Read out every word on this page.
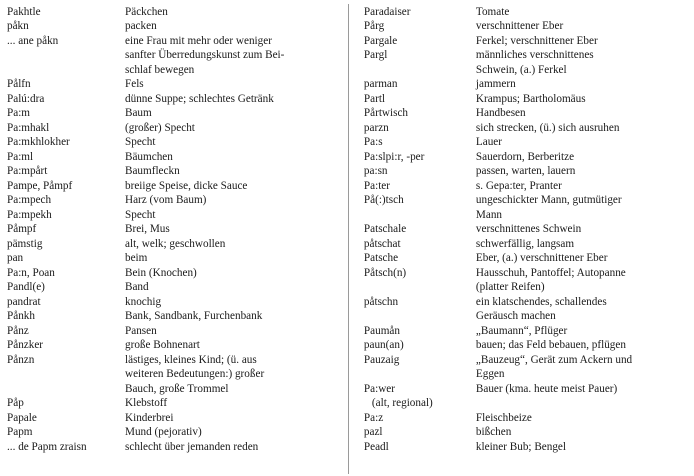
Pakhtle	Päckchen
påkn	packen
... ane påkn	eine Frau mit mehr oder weniger
sanfter Überredungskunst zum Bei-
schlaf bewegen
Pålfn	Fels
Palú:dra	dünne Suppe; schlechtes Getränk
Pa:m	Baum
Pa:mhakl	(großer) Specht
Pa:mkhlokher	Specht
Pa:ml	Bäumchen
Pa:mpårt	Baumfleckn
Pampe, Påmpf	breiige Speise, dicke Sauce
Pa:mpech	Harz (vom Baum)
Pa:mpekh	Specht
Påmpf	Brei, Mus
pämstig	alt, welk; geschwollen
pan	beim
Pa:n, Poan	Bein (Knochen)
Pandl(e)	Band
pandrat	knochig
Pånkh	Bank, Sandbank, Furchenbank
Pånz	Pansen
Pånzker	große Bohnenart
Pånzn	lästiges, kleines Kind; (ü. aus
weiteren Bedeutungen:) großer
Bauch, große Trommel
Påp	Klebstoff
Papale	Kinderbrei
Papm	Mund (pejorativ)
... de Papm zraisn	schlecht über jemanden reden
Paradaiser	Tomate
Pårg	verschnittener Eber
Pargale	Ferkel; verschnittener Eber
Pargl	männliches verschnittenes
Schwein, (a.) Ferkel
parman	jammern
Partl	Krampus; Bartholomäus
Pårtwisch	Handbesen
parzn	sich strecken, (ü.) sich ausruhen
Pa:s	Lauer
Pa:slpi:r, -per	Sauerdorn, Berberitze
pa:sn	passen, warten, lauern
Pa:ter	s. Gepa:ter, Pranter
På(:)tsch	ungeschickter Mann, gutmütiger
Mann
Patschale	verschnittenes Schwein
påtschat	schwerfällig, langsam
Patsche	Eber, (a.) verschnittener Eber
Påtsch(n)	Hausschuh, Pantoffel; Autopanne
(platter Reifen)
påtschn	ein klatschendes, schallendes
Geräusch machen
Paumån	„Baumann“, Pflüger
paun(an)	bauen; das Feld bebauen, pflügen
Pauzaig	„Bauzeug“, Gerät zum Ackern und
Eggen
Pa:wer	Bauer (kma. heute meist Pauer)
(alt, regional)
Pa:z	Fleischbeize
pazl	bißchen
Peadl	kleiner Bub; Bengel
